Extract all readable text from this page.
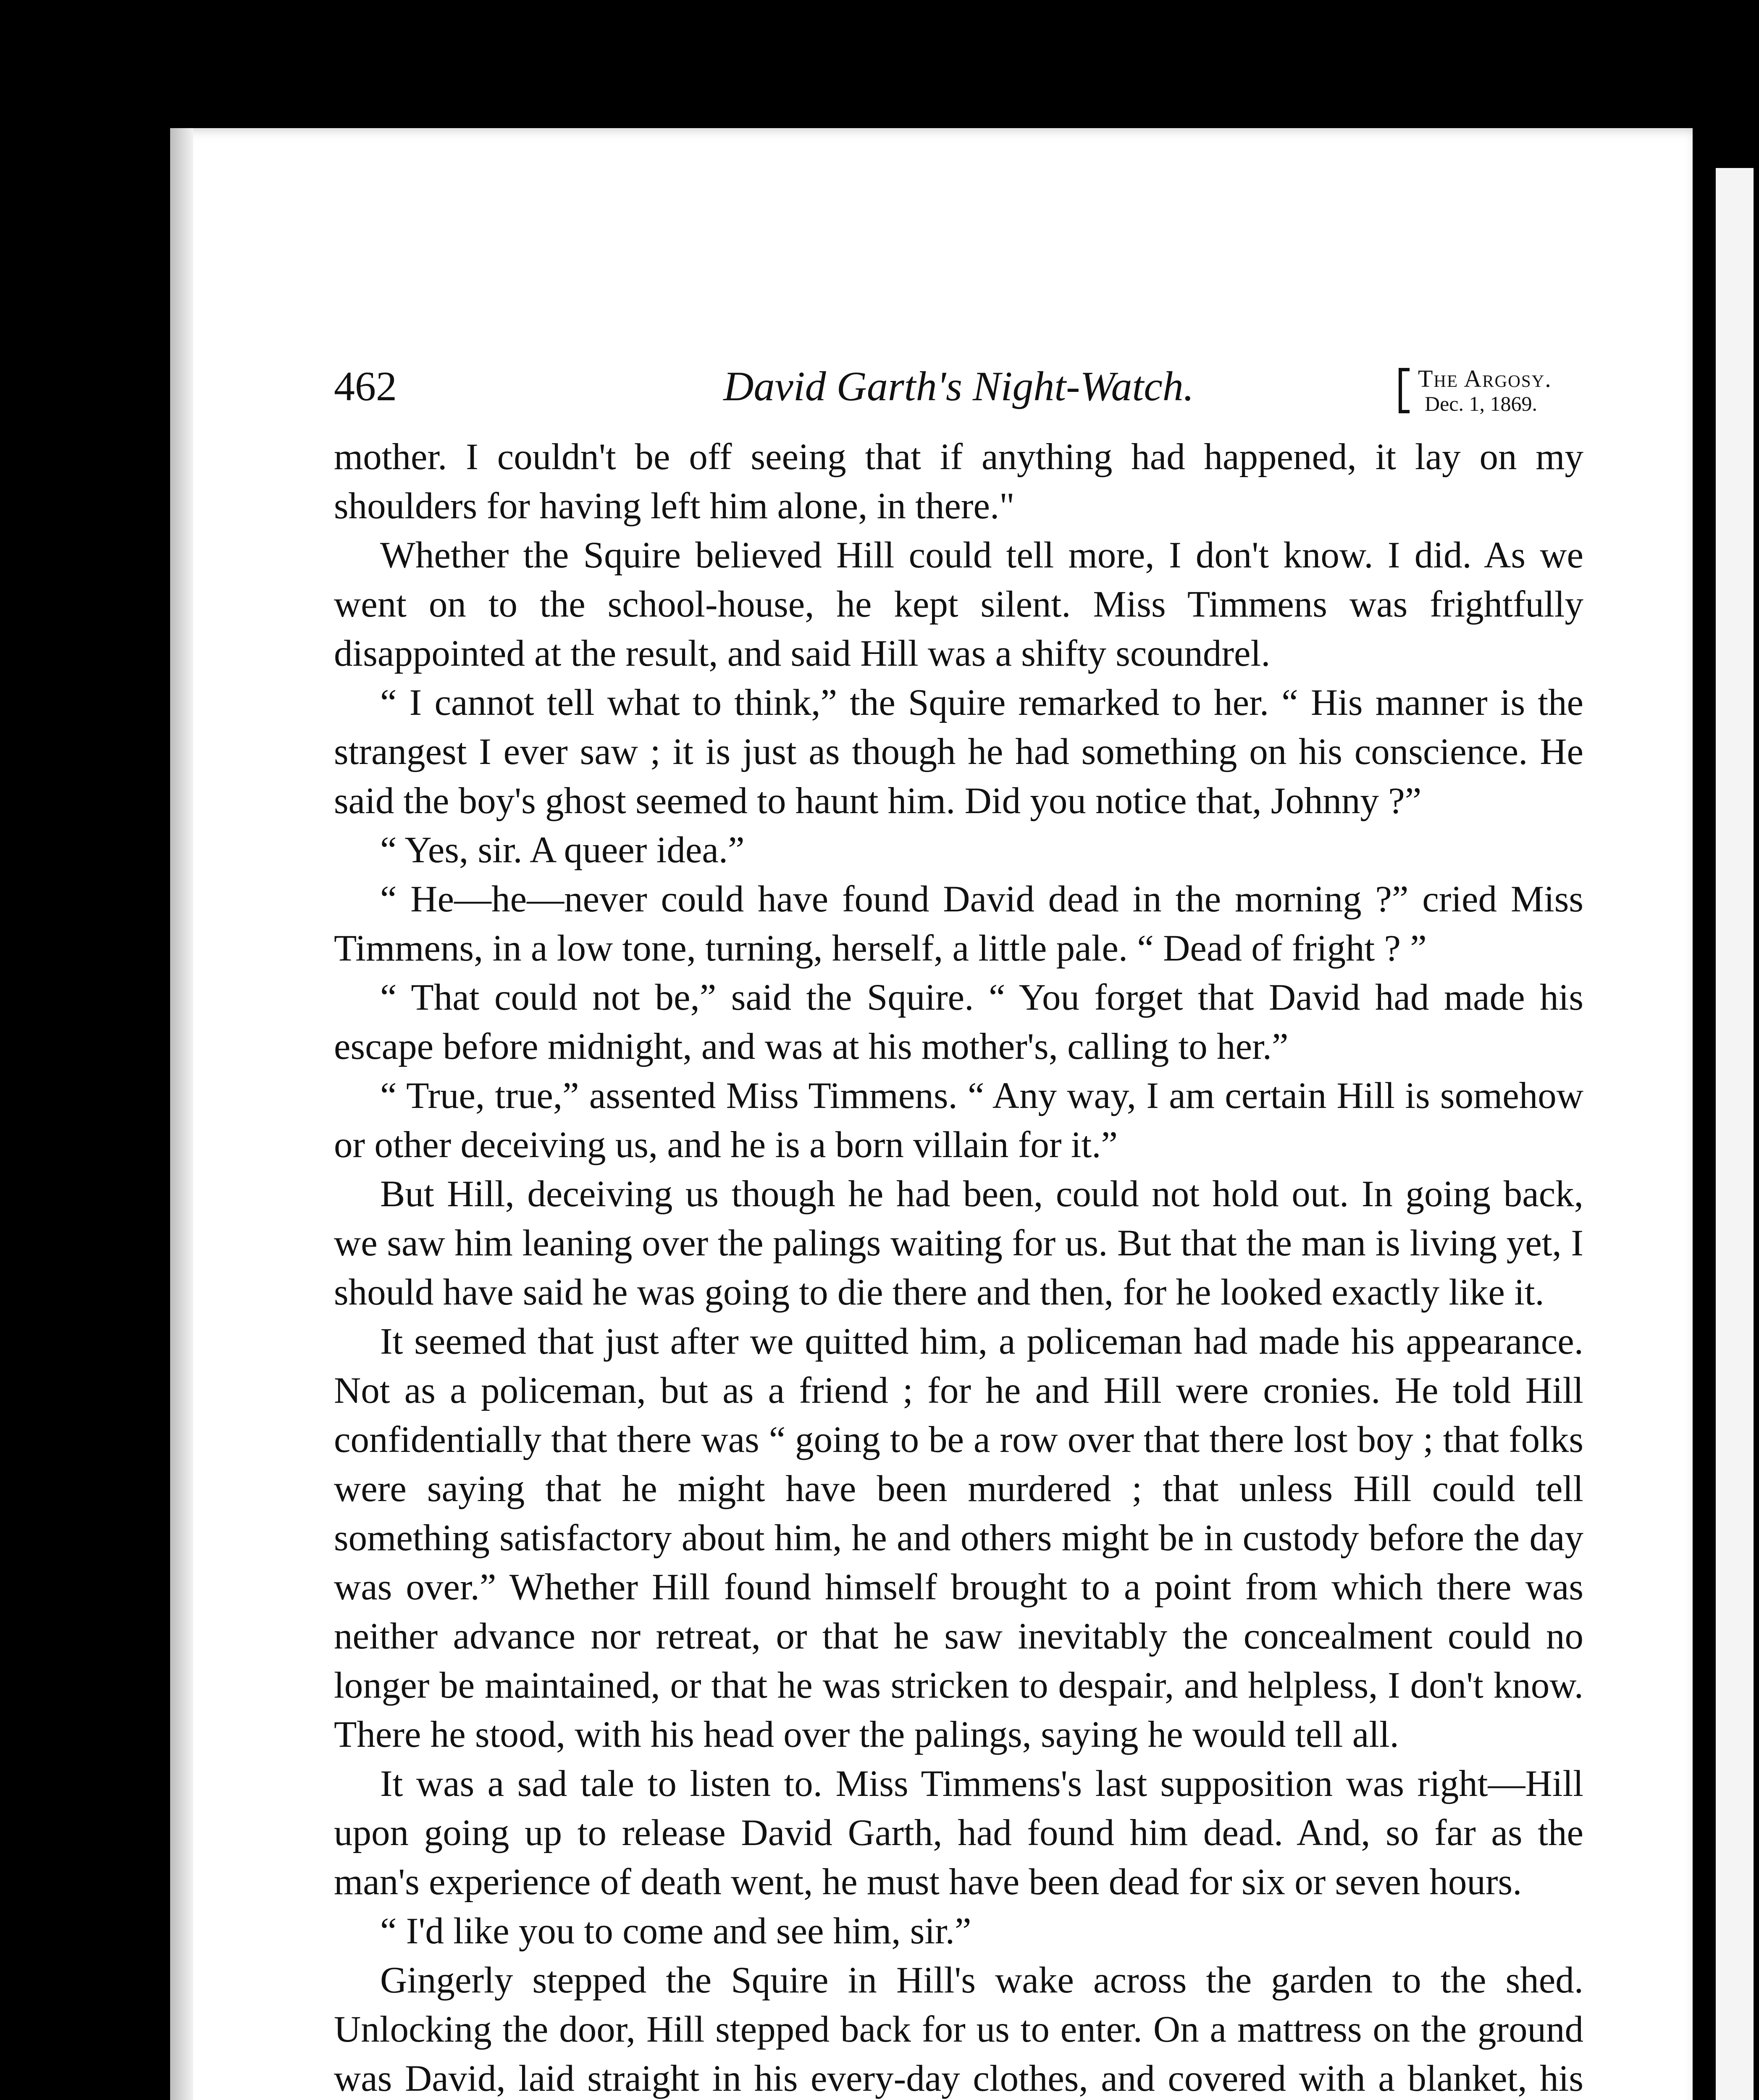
462	David Garth's Night-Watch.	The Argosy.
Dec. 1, 1869.

mother. I couldn't be off seeing that if anything had happened, it lay on my shoulders for having left him alone, in there."

Whether the Squire believed Hill could tell more, I don't know. I did. As we went on to the school-house, he kept silent. Miss Timmens was frightfully disappointed at the result, and said Hill was a shifty scoundrel.

“ I cannot tell what to think,” the Squire remarked to her. “ His manner is the strangest I ever saw ; it is just as though he had something on his conscience. He said the boy's ghost seemed to haunt him. Did you notice that, Johnny ?”

“ Yes, sir. A queer idea.”

“ He—he—never could have found David dead in the morning ?” cried Miss Timmens, in a low tone, turning, herself, a little pale. “ Dead of fright ? ”

“ That could not be,” said the Squire. “ You forget that David had made his escape before midnight, and was at his mother's, calling to her.”

“ True, true,” assented Miss Timmens. “ Any way, I am certain Hill is somehow or other deceiving us, and he is a born villain for it.”

But Hill, deceiving us though he had been, could not hold out. In going back, we saw him leaning over the palings waiting for us. But that the man is living yet, I should have said he was going to die there and then, for he looked exactly like it.

It seemed that just after we quitted him, a policeman had made his appearance. Not as a policeman, but as a friend ; for he and Hill were cronies. He told Hill confidentially that there was “ going to be a row over that there lost boy ; that folks were saying that he might have been murdered ; that unless Hill could tell something satisfactory about him, he and others might be in custody before the day was over.” Whether Hill found himself brought to a point from which there was neither advance nor retreat, or that he saw inevitably the concealment could no longer be maintained, or that he was stricken to despair, and helpless, I don't know. There he stood, with his head over the palings, saying he would tell all.

It was a sad tale to listen to. Miss Timmens's last supposition was right—Hill upon going up to release David Garth, had found him dead. And, so far as the man's experience of death went, he must have been dead for six or seven hours.

“ I'd like you to come and see him, sir.”

Gingerly stepped the Squire in Hill's wake across the garden to the shed. Unlocking the door, Hill stepped back for us to enter. On a mattress on the ground was David, laid straight in his every-day clothes, and covered with a blanket, his
